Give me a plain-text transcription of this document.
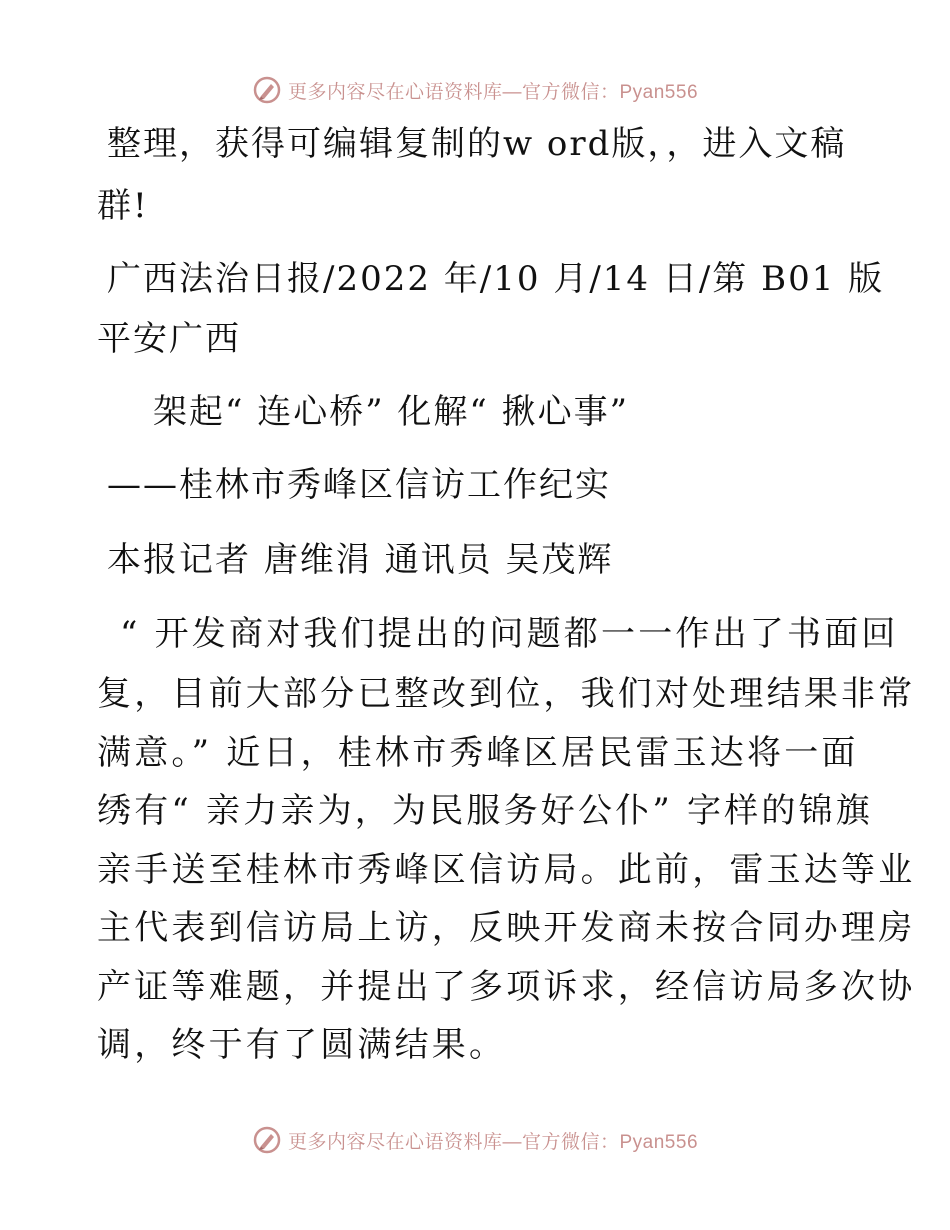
更多内容尽在心语资料库—官方微信：Pyan556
整理，获得可编辑复制的w ord版，，进入文稿
群!
广西法治日报/2022 年/10 月/14 日/第 B01 版
平安广西
架起“ 连心桥” 化解“ 揪心事”
——桂林市秀峰区信访工作纪实
本报记者 唐维涓 通讯员 吴茂辉
“ 开发商对我们提出的问题都一一作出了书面回
复，目前大部分已整改到位，我们对处理结果非常
满意。” 近日，桂林市秀峰区居民雷玉达将一面
绣有“ 亲力亲为，为民服务好公仆” 字样的锦旗
亲手送至桂林市秀峰区信访局。此前，雷玉达等业
主代表到信访局上访，反映开发商未按合同办理房
产证等难题，并提出了多项诉求，经信访局多次协
调，终于有了圆满结果。
更多内容尽在心语资料库—官方微信：Pyan556
